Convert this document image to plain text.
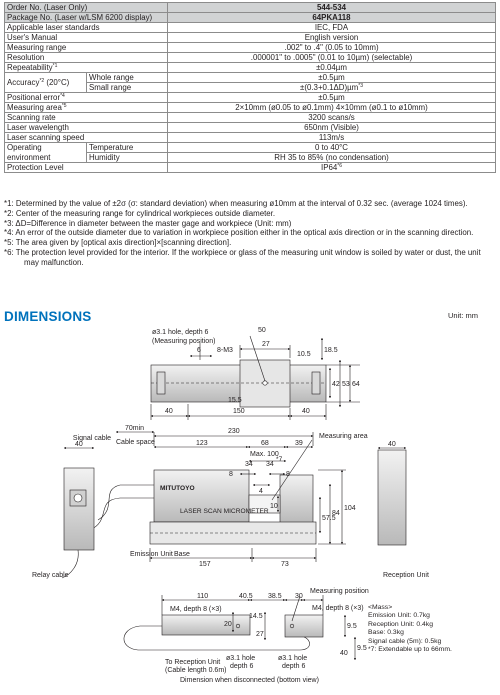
Order No. (Laser Only)		544-534
Package No. (Laser w/LSM 6200 display)		64PKA118
Applicable laser standards		IEC, FDA
User's Manual		English version
Measuring range		.002" to .4" (0.05 to 10mm)
Resolution		.000001" to .0005" (0.01 to 10µm) (selectable)
Repeatability$^{*1}$		±0.04µm
Accuracy$^{*2}$ (20°C)	Whole range	±0.5µm
	Small range	±(0.3+0.1ΔD)µm$^{*3}$
Positional error$^{*4}$		±0.5µm
Measuring area$^{*5}$		2×10mm (ø0.05 to ø0.1mm) 4×10mm (ø0.1 to ø10mm)
Scanning rate		3200 scans/s
Laser wavelength		650nm (Visible)
Laser scanning speed		113m/s
Operating
environment	Temperature	0 to 40°C
	Humidity	RH 35 to 85% (no condensation)
Protection Level		IP64$^{*6}$
*1: Determined by the value of ±2σ (σ: standard deviation) when measuring ø10mm at the interval of 0.32 sec. (average 1024 times).
*2: Center of the measuring range for cylindrical workpieces outside diameter.
*3: ΔD=Difference in diameter between the master gage and workpiece (Unit: mm)
*4: An error of the outside diameter due to variation in workpiece position either in the optical axis direction or in the scanning direction.
*5: The area given by [optical axis direction]×[scanning direction].
*6: The protection level provided for the interior. If the workpiece or glass of the measuring unit window is soiled by water or dust, the unit may malfunction.
DIMENSIONS	Unit: mm
ø3.1 hole, depth 6
(Measuring position)
8-M3
6
50
27
10.5
18.5
42 53 64
15.5
40	150	40
Signal cable
70min
Cable space
230
123	68	39
Max. 100
34 34
*7
8	8
4
10
57.5
84
104
Measuring area
Emission Unit Base
157	73
Reception Unit
Relay cable
40	40
MITUTOYO
LASER SCAN MICROMETER
Measuring position
110	40.5 38.5 30
M4, depth 8 (×3)	M4, depth 8 (×3)
14.5
9.5
9.5
20
27
40
To Reception Unit
(Cable length 0.6m)
ø3.1 hole
depth 6
ø3.1 hole
depth 6
Dimension when disconnected (bottom view)
<Mass>
Emission Unit: 0.7kg
Reception Unit: 0.4kg
Base: 0.3kg
Signal cable (5m): 0.5kg
*7: Extendable up to 66mm.
